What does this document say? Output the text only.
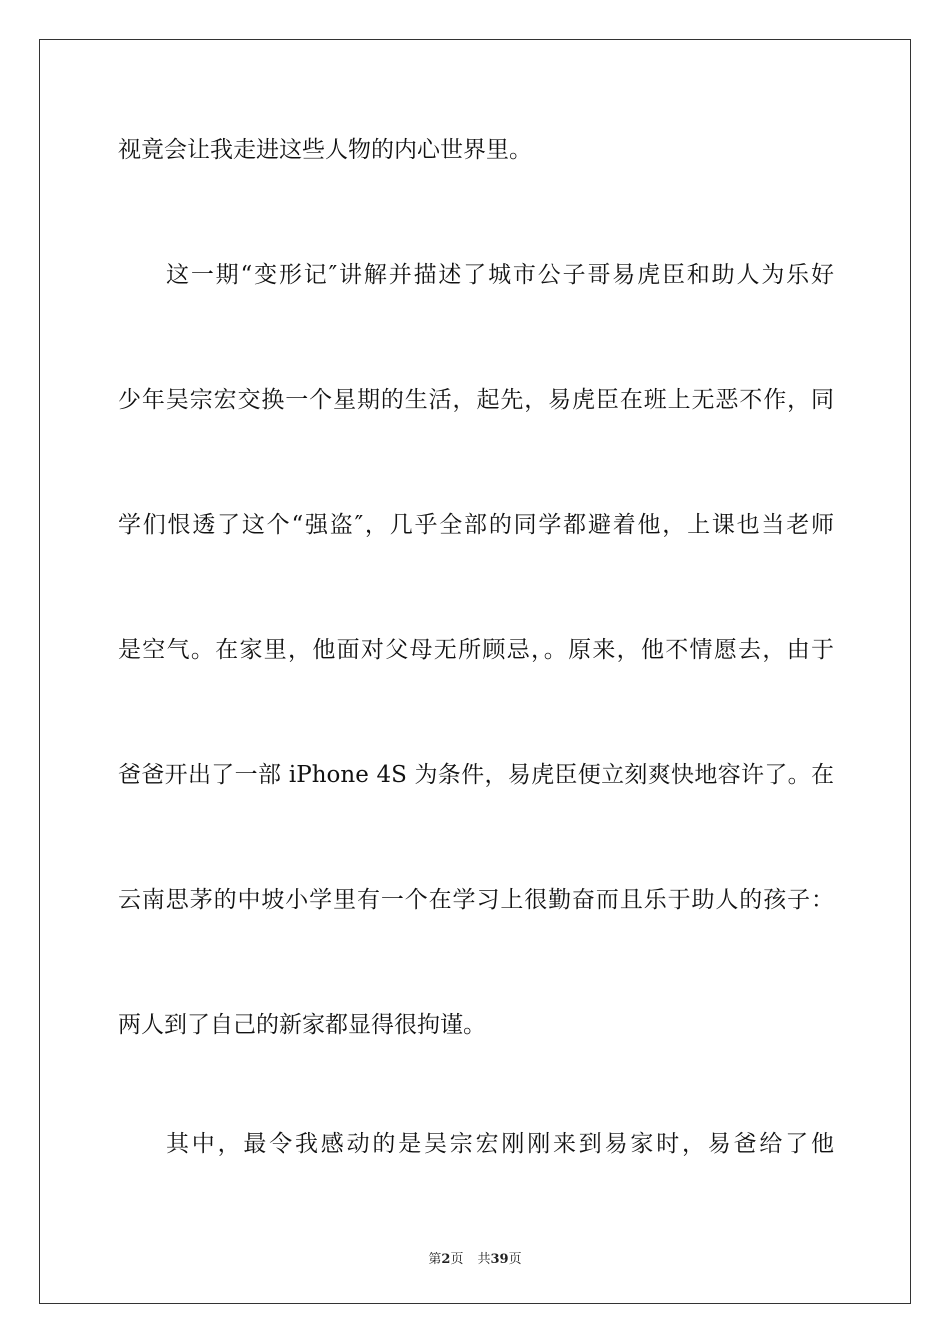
视竟会让我走进这些人物的内心世界里。
这一期“变形记″讲解并描述了城市公子哥易虎臣和助人为乐好
少年吴宗宏交换一个星期的生活，起先，易虎臣在班上无恶不作，同
学们恨透了这个“强盗″，几乎全部的同学都避着他，上课也当老师
是空气。在家里，他面对父母无所顾忌，。原来，他不情愿去，由于
爸爸开出了一部 iPhone 4S 为条件，易虎臣便立刻爽快地容许了。在
云南思茅的中坡小学里有一个在学习上很勤奋而且乐于助人的孩子：
两人到了自己的新家都显得很拘谨。
其中，最令我感动的是吴宗宏刚刚来到易家时，易爸给了他
第2页 共39页
